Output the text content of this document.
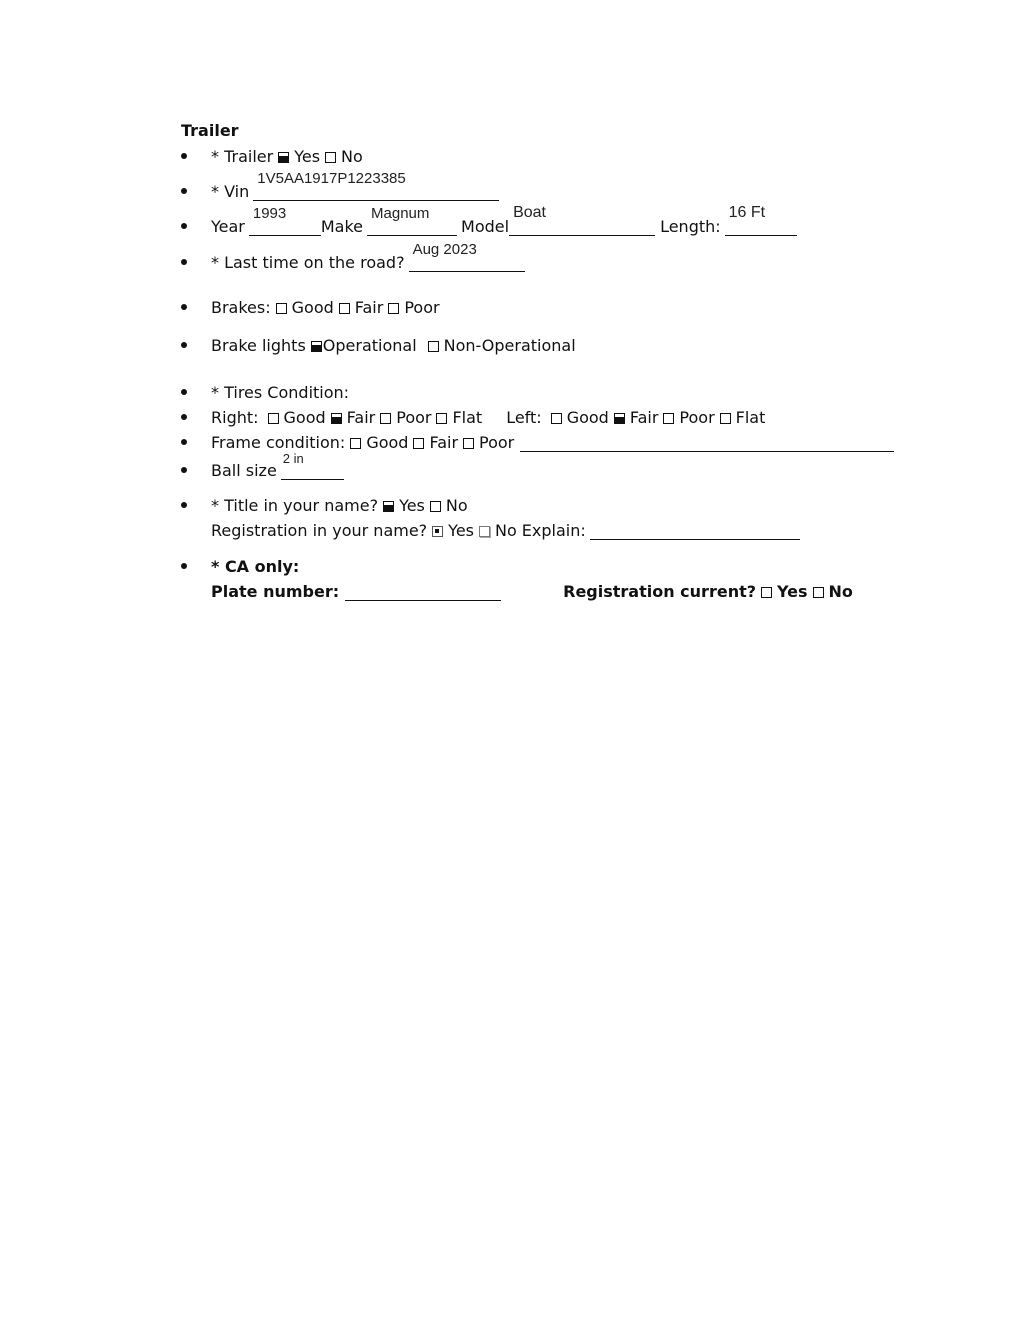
Trailer
* Trailer Yes No
* Vin
1V5AA1917P1223385
Year
1993
Make
Magnum
Model
Boat
Length:
16 Ft
* Last time on the road?
Aug 2023
Brakes: Good Fair Poor
Brake lights Operational Non-Operational
* Tires Condition:
Right: Good Fair Poor Flat Left: Good Fair Poor Flat
Frame condition: Good Fair Poor
Ball size
2 in
* Title in your name? Yes No
Registration in your name? Yes No Explain:
* CA only:
Plate number:	Registration current? Yes No
